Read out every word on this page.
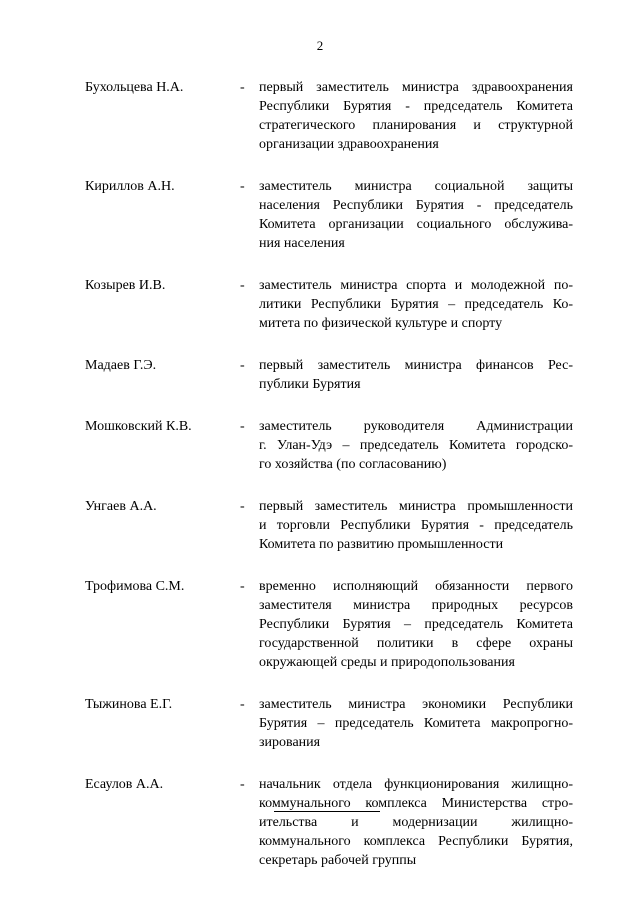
2
Бухольцева Н.А.	-	первый заместитель министра здравоохранения
Республики Бурятия - председатель Комитета
стратегического планирования и структурной
организации здравоохранения
Кириллов А.Н.	-	заместитель министра социальной защиты
населения Республики Бурятия - председатель
Комитета организации социального обслужива-
ния населения
Козырев И.В.	-	заместитель министра спорта и молодежной по-
литики Республики Бурятия – председатель Ко-
митета по физической культуре и спорту
Мадаев Г.Э.	-	первый заместитель министра финансов Рес-
публики Бурятия
Мошковский К.В.	-	заместитель руководителя Администрации
г. Улан-Удэ – председатель Комитета городско-
го хозяйства (по согласованию)
Унгаев А.А.	-	первый заместитель министра промышленности
и торговли Республики Бурятия - председатель
Комитета по развитию промышленности
Трофимова С.М.	-	временно исполняющий обязанности первого
заместителя министра природных ресурсов
Республики Бурятия – председатель Комитета
государственной политики в сфере охраны
окружающей среды и природопользования
Тыжинова Е.Г.	-	заместитель министра экономики Республики
Бурятия – председатель Комитета макропрогно-
зирования
Есаулов А.А.	-	начальник отдела функционирования жилищно-
коммунального комплекса Министерства стро-
ительства и модернизации жилищно-
коммунального комплекса Республики Бурятия,
секретарь рабочей группы
